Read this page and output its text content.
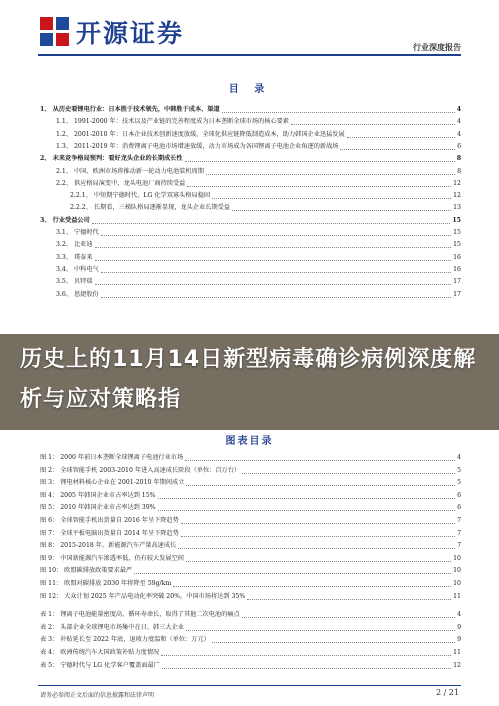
开源证券	行业深度报告
目 录
1、 从历史看锂电行业：日本胜于技术领先，中韩胜于成本、渠道	4
1.1、 1991-2000 年：技术以及产业链的完善程度成为日本垄断全球市场的核心要素	4
1.2、 2001-2010 年：日本企业技术创新速度放缓，全球化供应链降低制造成本，助力韩国企业迅猛发展	4
1.3、 2011-2019 年：消费锂离子电池市场增速放缓，动力市场成为各国锂离子电池企业角逐的新战场	6
2、 未来竞争格局预判：看好龙头企业的长期成长性	8
2.1、 中国、欧洲市场将推动新一轮动力电池装机周期	8
2.2、 供应格局演变中，龙头电池厂商持续受益	12
2.2.1、 中短期宁德时代、LG 化学双寡头格局稳固	12
2.2.2、 长期看，三梯队格局逐渐显现，龙头企业长期受益	13
3、 行业受益公司	15
3.1、 宁德时代	15
3.2、 比亚迪	15
3.3、 璞泰来	16
3.4、 中科电气	16
3.5、 贝特瑞	17
3.6、 恩捷股份	17
图表目录
图 1： 2000 年前日本垄断全球锂离子电池行业市场	4
图 2： 全球智能手机 2003-2010 年进入高速成长阶段（单位：百万台）	5
图 3： 锂电材料核心企业在 2001-2010 年期间成立	5
图 4： 2005 年韩国企业市占率达到 15%	6
图 5： 2010 年韩国企业市占率达到 39%	6
图 6： 全球智能手机出货量自 2016 年呈下降趋势	7
图 7： 全球平板电脑出货量自 2014 年呈下降趋势	7
图 8： 2015-2018 年，新能源汽车产量高速成长	7
图 9： 中国新能源汽车渗透率低，仍有较大发展空间	10
图 10： 欧盟碳排放政策要求最严	10
图 11： 欧盟对碳排放 2030 年将降至 59g/km	10
图 12： 大众计划 2025 年产品电动化率突破 20%，中国市场将达到 35%	11
表 1： 锂离子电池能量密度高、循环寿命长，取得了其他二次电池的痛点	4
表 2： 头部企业全球锂电市场集中在日、韩三大企业	9
表 3： 补贴延长至 2022 年底，退坡力度温和（单位：万元）	9
表 4： 欧洲传统汽车大国政策补贴力度情况	11
表 5： 宁德时代与 LG 化学客户覆盖面最广	12
历史上的11月14日新型病毒确诊病例深度解析与应对策略指
请务必参阅正文后面的信息披露和法律声明	2 / 21
